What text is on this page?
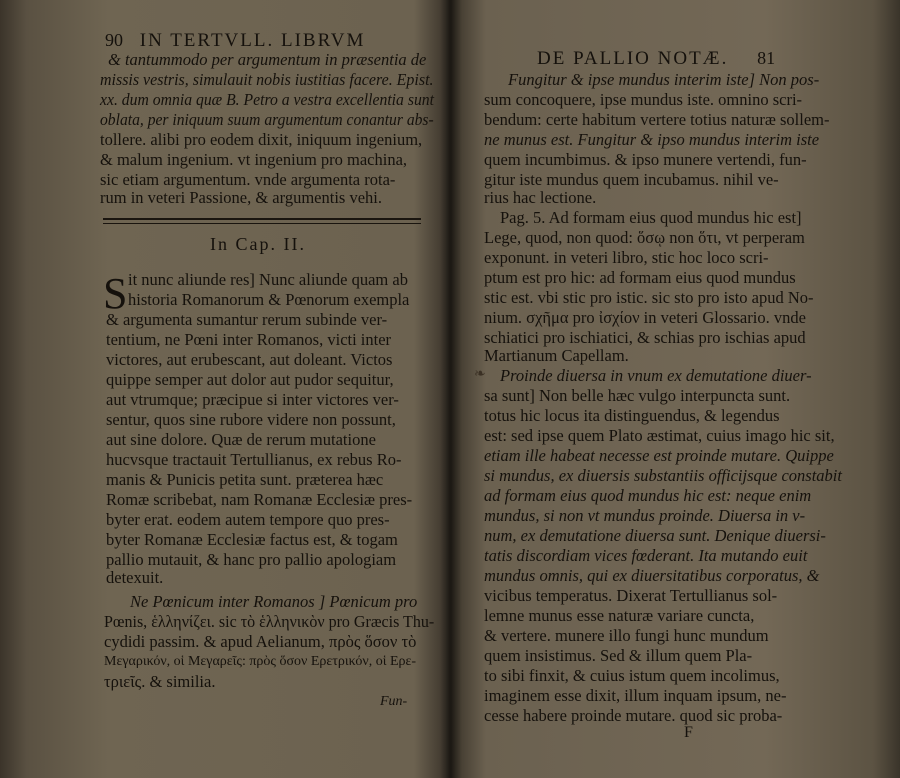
90 IN TERTVLL. LIBRVM
& tantummodo per argumentum in præsentia de
missis vestris, simulauit nobis iustitias facere. Epist.
xx. dum omnia quæ B. Petro a vestra excellentia sunt
oblata, per iniquum suum argumentum conantur abs-
tollere. alibi pro eodem dixit, iniquum ingenium,
& malum ingenium. vt ingenium pro machina,
sic etiam argumentum. vnde argumenta rota-
rum in veteri Passione, & argumentis vehi.
In Cap. II.
S it nunc aliunde res] Nunc aliunde quam ab
historia Romanorum & Pœnorum exempla
& argumenta sumantur rerum subinde ver-
tentium, ne Pœni inter Romanos, victi inter
victores, aut erubescant, aut doleant. Victos
quippe semper aut dolor aut pudor sequitur,
aut vtrumque; præcipue si inter victores ver-
sentur, quos sine rubore videre non possunt,
aut sine dolore. Quæ de rerum mutatione
hucvsque tractauit Tertullianus, ex rebus Ro-
manis & Punicis petita sunt. præterea hæc
Romæ scribebat, nam Romanæ Ecclesiæ pres-
byter erat. eodem autem tempore quo pres-
byter Romanæ Ecclesiæ factus est, & togam
pallio mutauit, & hanc pro pallio apologiam
detexuit.
Ne Pœnicum inter Romanos ] Pœnicum pro
Pœnis, ἑλληνίζει. sic τὸ ἑλληνικὸν pro Græcis Thu-
cydidi passim. & apud Aelianum, πρὸς ὅσον τὸ
Μεγαρικόν, οἱ Μεγαρεῖς: πρὸς ὅσον Ερετρικόν, οἱ Ερε-
τριεῖς. & similia.
Fun-
DE PALLIO NOTÆ. 81
Fungitur & ipse mundus interim iste] Non pos-
sum concoquere, ipse mundus iste. omnino scri-
bendum: certe habitum vertere totius naturæ sollem-
ne munus est. Fungitur & ipso mundus interim iste
quem incumbimus. & ipso munere vertendi, fun-
gitur iste mundus quem incubamus. nihil ve-
rius hac lectione.
Pag. 5. Ad formam eius quod mundus hic est]
Lege, quod, non quod: ὅσῳ non ὅτι, vt perperam
exponunt. in veteri libro, stic hoc loco scri-
ptum est pro hic: ad formam eius quod mundus
stic est. vbi stic pro istic. sic sto pro isto apud No-
nium. σχῆμα pro ἰσχίον in veteri Glossario. vnde
schiatici pro ischiatici, & schias pro ischias apud
Martianum Capellam.
❧ Proinde diuersa in vnum ex demutatione diuer-
sa sunt] Non belle hæc vulgo interpuncta sunt.
totus hic locus ita distinguendus, & legendus
est: sed ipse quem Plato æstimat, cuius imago hic sit,
etiam ille habeat necesse est proinde mutare. Quippe
si mundus, ex diuersis substantiis officijsque constabit
ad formam eius quod mundus hic est: neque enim
mundus, si non vt mundus proinde. Diuersa in v-
num, ex demutatione diuersa sunt. Denique diuersi-
tatis discordiam vices fœderant. Ita mutando euit
mundus omnis, qui ex diuersitatibus corporatus, &
vicibus temperatus. Dixerat Tertullianus sol-
lemne munus esse naturæ variare cuncta,
& vertere. munere illo fungi hunc mundum
quem insistimus. Sed & illum quem Pla-
to sibi finxit, & cuius istum quem incolimus,
imaginem esse dixit, illum inquam ipsum, ne-
cesse habere proinde mutare. quod sic proba-
F
